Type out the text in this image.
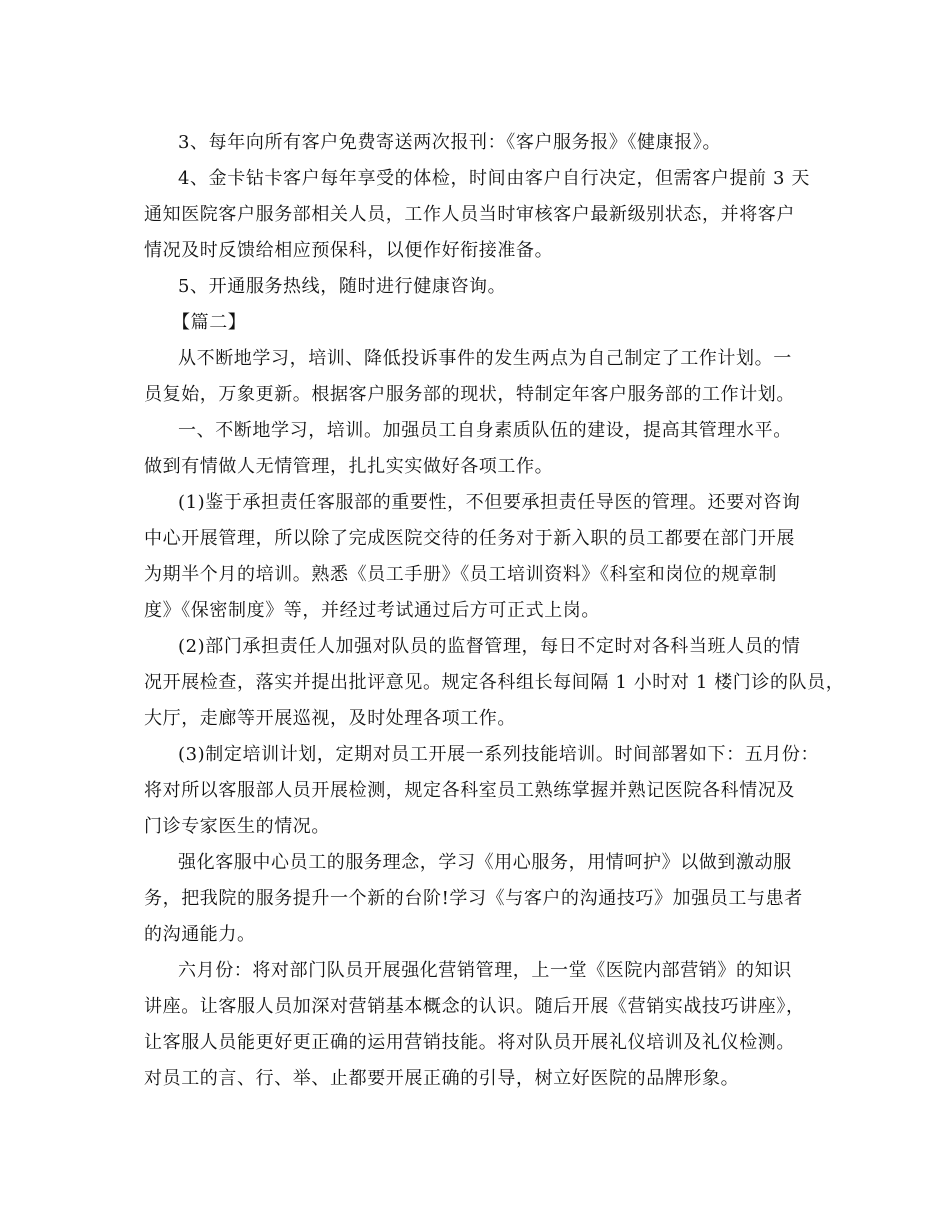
3、每年向所有客户免费寄送两次报刊：《客户服务报》《健康报》。
4、金卡钻卡客户每年享受的体检，时间由客户自行决定，但需客户提前 3 天
通知医院客户服务部相关人员，工作人员当时审核客户最新级别状态，并将客户
情况及时反馈给相应预保科，以便作好衔接准备。
5、开通服务热线，随时进行健康咨询。
【篇二】
从不断地学习，培训、降低投诉事件的发生两点为自己制定了工作计划。一
员复始，万象更新。根据客户服务部的现状，特制定年客户服务部的工作计划。
一、不断地学习，培训。加强员工自身素质队伍的建设，提高其管理水平。
做到有情做人无情管理，扎扎实实做好各项工作。
(1)鉴于承担责任客服部的重要性，不但要承担责任导医的管理。还要对咨询
中心开展管理，所以除了完成医院交待的任务对于新入职的员工都要在部门开展
为期半个月的培训。熟悉《员工手册》《员工培训资料》《科室和岗位的规章制
度》《保密制度》等，并经过考试通过后方可正式上岗。
(2)部门承担责任人加强对队员的监督管理，每日不定时对各科当班人员的情
况开展检查，落实并提出批评意见。规定各科组长每间隔 1 小时对 1 楼门诊的队员，
大厅，走廊等开展巡视，及时处理各项工作。
(3)制定培训计划，定期对员工开展一系列技能培训。时间部署如下：五月份：
将对所以客服部人员开展检测，规定各科室员工熟练掌握并熟记医院各科情况及
门诊专家医生的情况。
强化客服中心员工的服务理念，学习《用心服务，用情呵护》以做到激动服
务，把我院的服务提升一个新的台阶!学习《与客户的沟通技巧》加强员工与患者
的沟通能力。
六月份：将对部门队员开展强化营销管理，上一堂《医院内部营销》的知识
讲座。让客服人员加深对营销基本概念的认识。随后开展《营销实战技巧讲座》，
让客服人员能更好更正确的运用营销技能。将对队员开展礼仪培训及礼仪检测。
对员工的言、行、举、止都要开展正确的引导，树立好医院的品牌形象。
